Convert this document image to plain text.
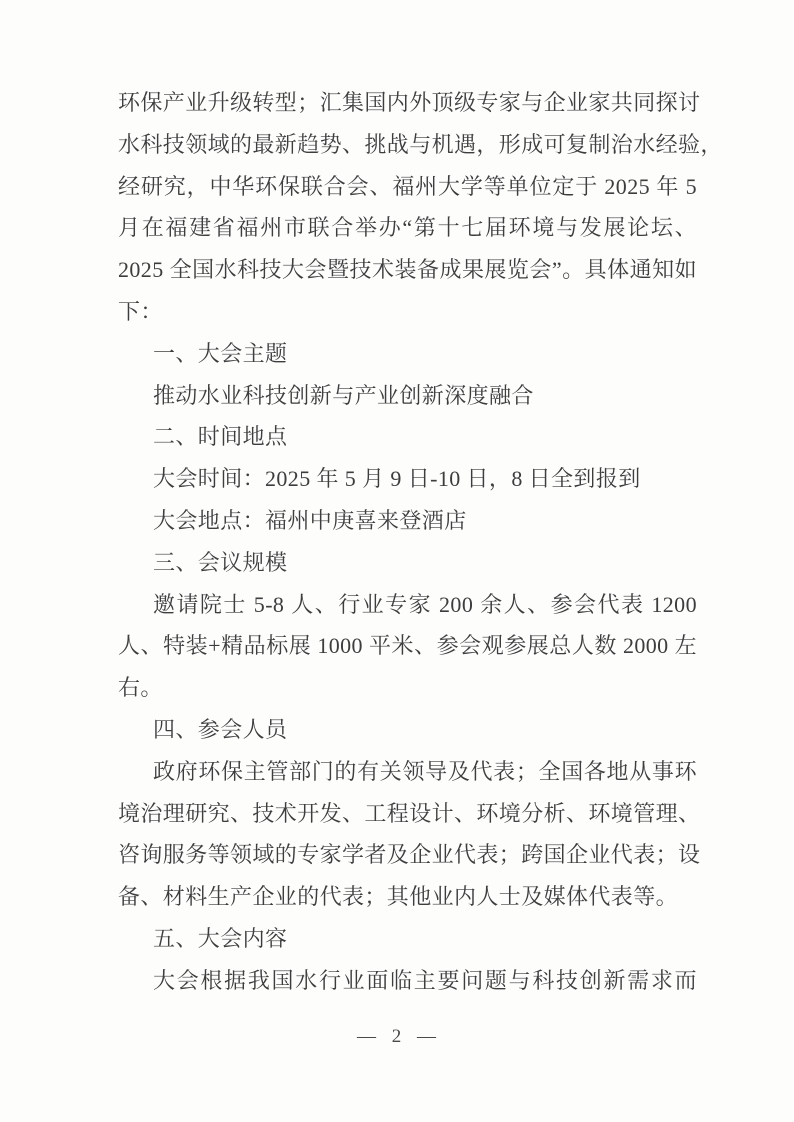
环保产业升级转型；汇集国内外顶级专家与企业家共同探讨
水科技领域的最新趋势、挑战与机遇，形成可复制治水经验，
经研究，中华环保联合会、福州大学等单位定于 2025 年 5
月在福建省福州市联合举办“第十七届环境与发展论坛、
2025 全国水科技大会暨技术装备成果展览会”。具体通知如
下：
一、大会主题
推动水业科技创新与产业创新深度融合
二、时间地点
大会时间：2025 年 5 月 9 日-10 日，8 日全到报到
大会地点：福州中庚喜来登酒店
三、会议规模
邀请院士 5-8 人、行业专家 200 余人、参会代表 1200
人、特装+精品标展 1000 平米、参会观参展总人数 2000 左
右。
四、参会人员
政府环保主管部门的有关领导及代表；全国各地从事环
境治理研究、技术开发、工程设计、环境分析、环境管理、
咨询服务等领域的专家学者及企业代表；跨国企业代表；设
备、材料生产企业的代表；其他业内人士及媒体代表等。
五、大会内容
大会根据我国水行业面临主要问题与科技创新需求而
— 2 —
